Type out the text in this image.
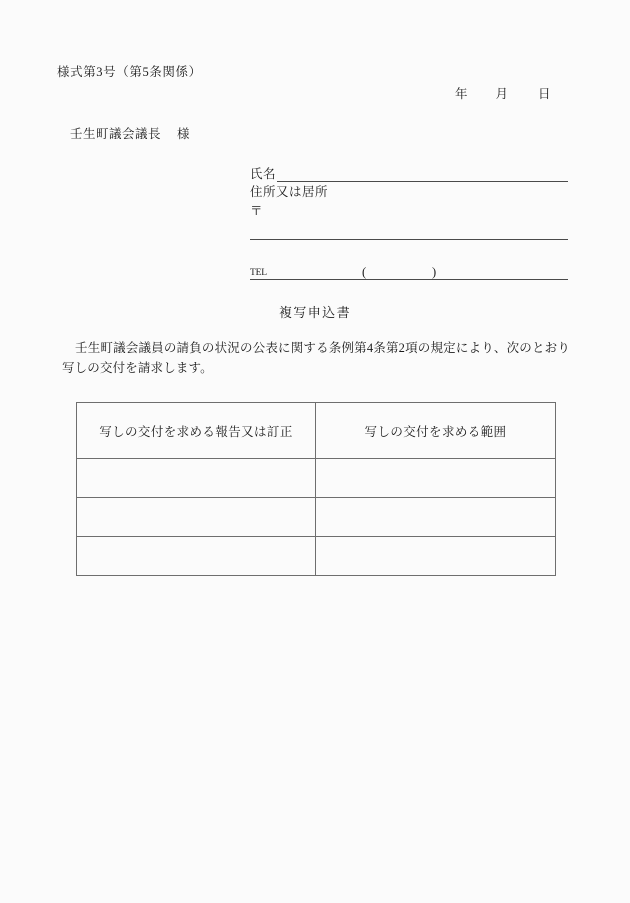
様式第3号（第5条関係）
年 月 日
壬生町議会議長 様
氏名
住所又は居所
〒
TEL	(	)
複写申込書
壬生町議会議員の請負の状況の公表に関する条例第4条第2項の規定により、次のとおり写しの交付を請求します。
写しの交付を求める報告又は訂正	写しの交付を求める範囲
